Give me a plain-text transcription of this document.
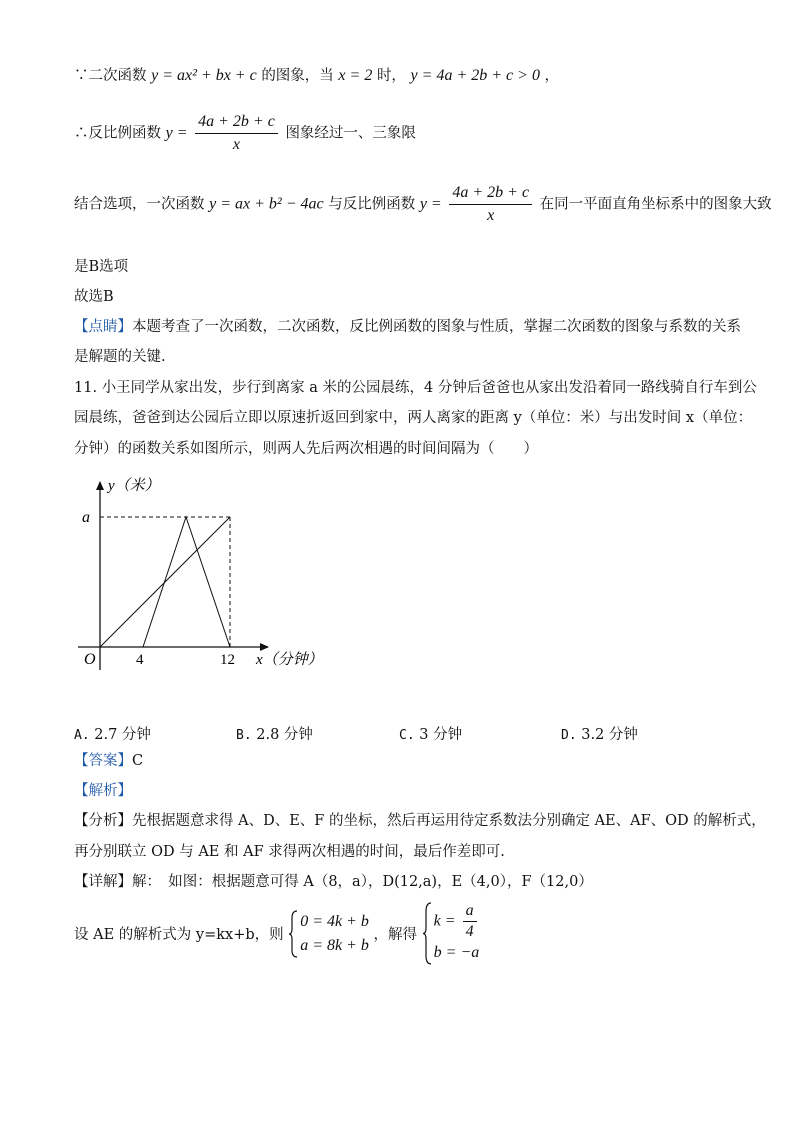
∵二次函数 y = ax² + bx + c 的图象，当 x = 2 时， y = 4a + 2b + c > 0 ，
∴反比例函数 $y = \frac{4a + 2b + c}{x}$ 图象经过一、三象限
结合选项，一次函数 y = ax + b² − 4ac 与反比例函数 $y = \frac{4a + 2b + c}{x}$ 在同一平面直角坐标系中的图象大致
是B选项
故选B
【点睛】本题考查了一次函数，二次函数，反比例函数的图象与性质，掌握二次函数的图象与系数的关系
是解题的关键.
11. 小王同学从家出发，步行到离家 a 米的公园晨练，4 分钟后爸爸也从家出发沿着同一路线骑自行车到公
园晨练，爸爸到达公园后立即以原速折返回到家中，两人离家的距离 y（单位：米）与出发时间 x（单位：
分钟）的函数关系如图所示，则两人先后两次相遇的时间间隔为（　　）
y（米）
a
O	4	12 x（分钟）
A. 2.7 分钟	B. 2.8 分钟	C. 3 分钟	D. 3.2 分钟
【答案】C
【解析】
【分析】先根据题意求得 A、D、E、F 的坐标，然后再运用待定系数法分别确定 AE、AF、OD 的解析式，
再分别联立 OD 与 AE 和 AF 求得两次相遇的时间，最后作差即可.
【详解】解：　如图：根据题意可得 A（8，a），D(12,a)，E（4,0），F（12,0）
设 AE 的解析式为 y=kx+b，则
0 = 4k + b
a = 8k + b
，解得
$k = \frac{a}{4}$
b = −a
